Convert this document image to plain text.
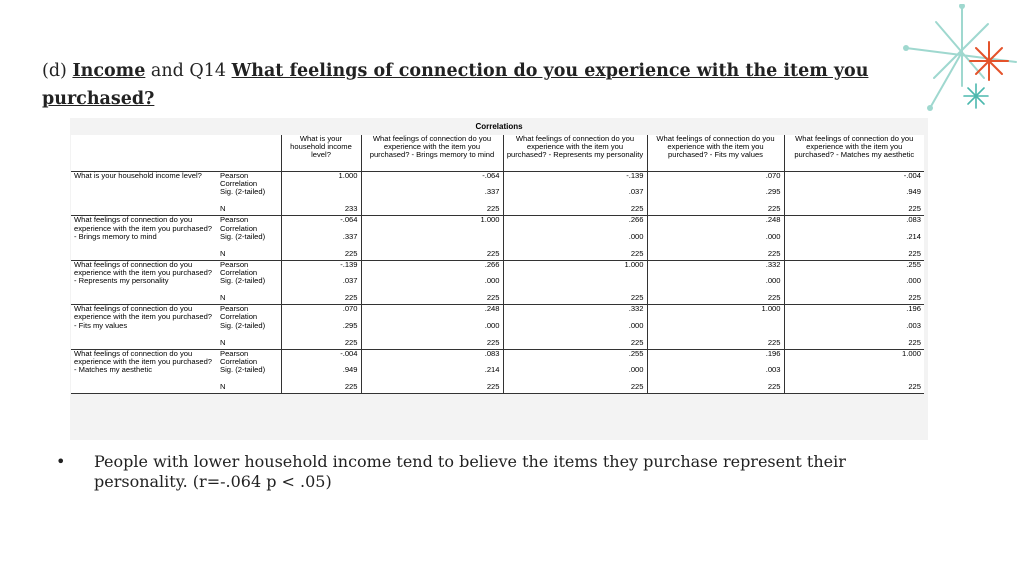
(d) Income and Q14 What feelings of connection do you experience with the item you purchased?
Correlations
		What is your household income level?	What feelings of connection do you experience with the item you purchased? - Brings memory to mind	What feelings of connection do you experience with the item you purchased? - Represents my personality	What feelings of connection do you experience with the item you purchased? - Fits my values	What feelings of connection do you experience with the item you purchased? - Matches my aesthetic
What is your household income level?	Pearson Correlation	1.000	-.064	-.139	.070	-.004
	Sig. (2-tailed)		.337	.037	.295	.949
	N	233	225	225	225	225
What feelings of connection do you experience with the item you purchased? - Brings memory to mind	Pearson Correlation	-.064	1.000	.266	.248	.083
	Sig. (2-tailed)	.337		.000	.000	.214
	N	225	225	225	225	225
What feelings of connection do you experience with the item you purchased? - Represents my personality	Pearson Correlation	-.139	.266	1.000	.332	.255
	Sig. (2-tailed)	.037	.000		.000	.000
	N	225	225	225	225	225
What feelings of connection do you experience with the item you purchased? - Fits my values	Pearson Correlation	.070	.248	.332	1.000	.196
	Sig. (2-tailed)	.295	.000	.000		.003
	N	225	225	225	225	225
What feelings of connection do you experience with the item you purchased? - Matches my aesthetic	Pearson Correlation	-.004	.083	.255	.196	1.000
	Sig. (2-tailed)	.949	.214	.000	.003	
	N	225	225	225	225	225
• People with lower household income tend to believe the items they purchase represent their personality. (r=-.064 p < .05)
